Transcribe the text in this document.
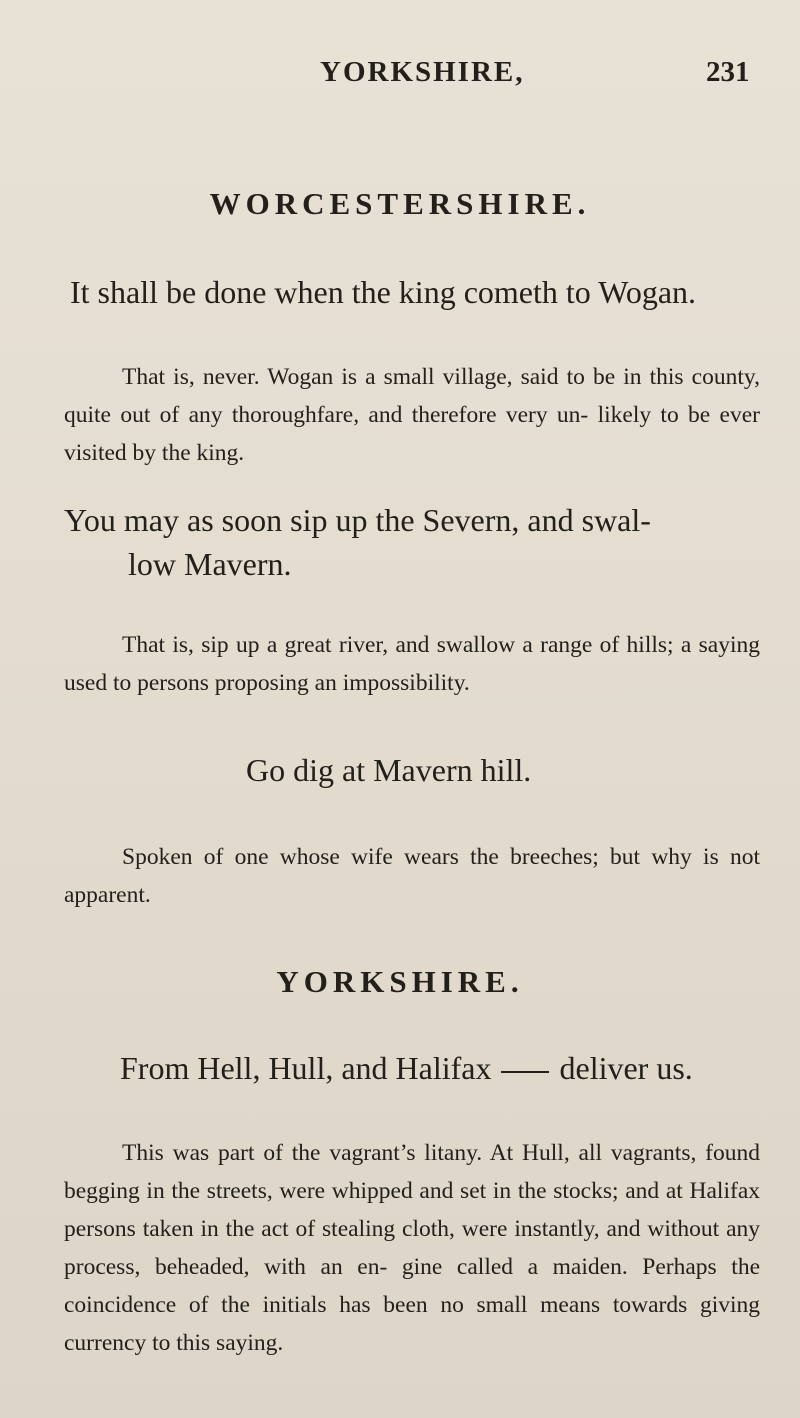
YORKSHIRE,	231
WORCESTERSHIRE.

It shall be done when the king cometh to Wogan.

That is, never. Wogan is a small village, said to be in this county, quite out of any thoroughfare, and therefore very un- likely to be ever visited by the king.

You may as soon sip up the Severn, and swal-

low Mavern.

That is, sip up a great river, and swallow a range of hills; a saying used to persons proposing an impossibility.

Go dig at Mavern hill.

Spoken of one whose wife wears the breeches; but why is not apparent.

YORKSHIRE.

From Hell, Hull, and Halifax deliver us.

This was part of the vagrant’s litany. At Hull, all vagrants, found begging in the streets, were whipped and set in the stocks; and at Halifax persons taken in the act of stealing cloth, were instantly, and without any process, beheaded, with an en- gine called a maiden. Perhaps the coincidence of the initials has been no small means towards giving currency to this saying.
